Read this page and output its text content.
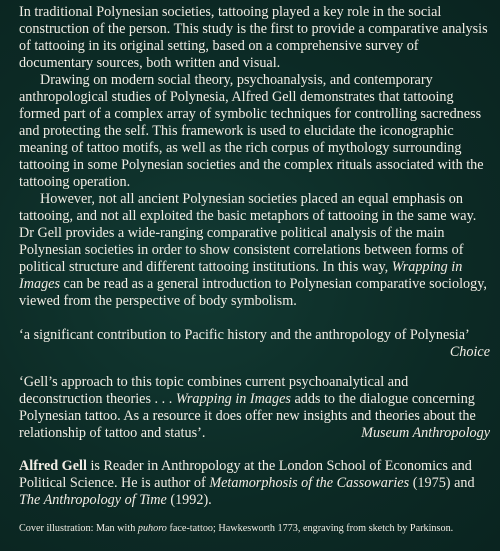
In traditional Polynesian societies, tattooing played a key role in the social construction of the person. This study is the first to provide a comparative analysis of tattooing in its original setting, based on a comprehensive survey of documentary sources, both written and visual.

Drawing on modern social theory, psychoanalysis, and contemporary anthropological studies of Polynesia, Alfred Gell demonstrates that tattooing formed part of a complex array of symbolic techniques for controlling sacredness and protecting the self. This framework is used to elucidate the iconographic meaning of tattoo motifs, as well as the rich corpus of mythology surrounding tattooing in some Polynesian societies and the complex rituals associated with the tattooing operation.

However, not all ancient Polynesian societies placed an equal emphasis on tattooing, and not all exploited the basic metaphors of tattooing in the same way. Dr Gell provides a wide-ranging comparative political analysis of the main Polynesian societies in order to show consistent correlations between forms of political structure and different tattooing institutions. In this way, Wrapping in Images can be read as a general introduction to Polynesian comparative sociology, viewed from the perspective of body symbolism.

‘a significant contribution to Pacific history and the anthropology of Polynesia’

Choice

‘Gell’s approach to this topic combines current psychoanalytical and deconstruction theories . . . Wrapping in Images adds to the dialogue concerning Polynesian tattoo. As a resource it does offer new insights and theories about the relationship of tattoo and status’.	Museum Anthropology

Alfred Gell is Reader in Anthropology at the London School of Economics and Political Science. He is author of Metamorphosis of the Cassowaries (1975) and The Anthropology of Time (1992).

Cover illustration: Man with puhoro face-tattoo; Hawkesworth 1773, engraving from sketch by Parkinson.
